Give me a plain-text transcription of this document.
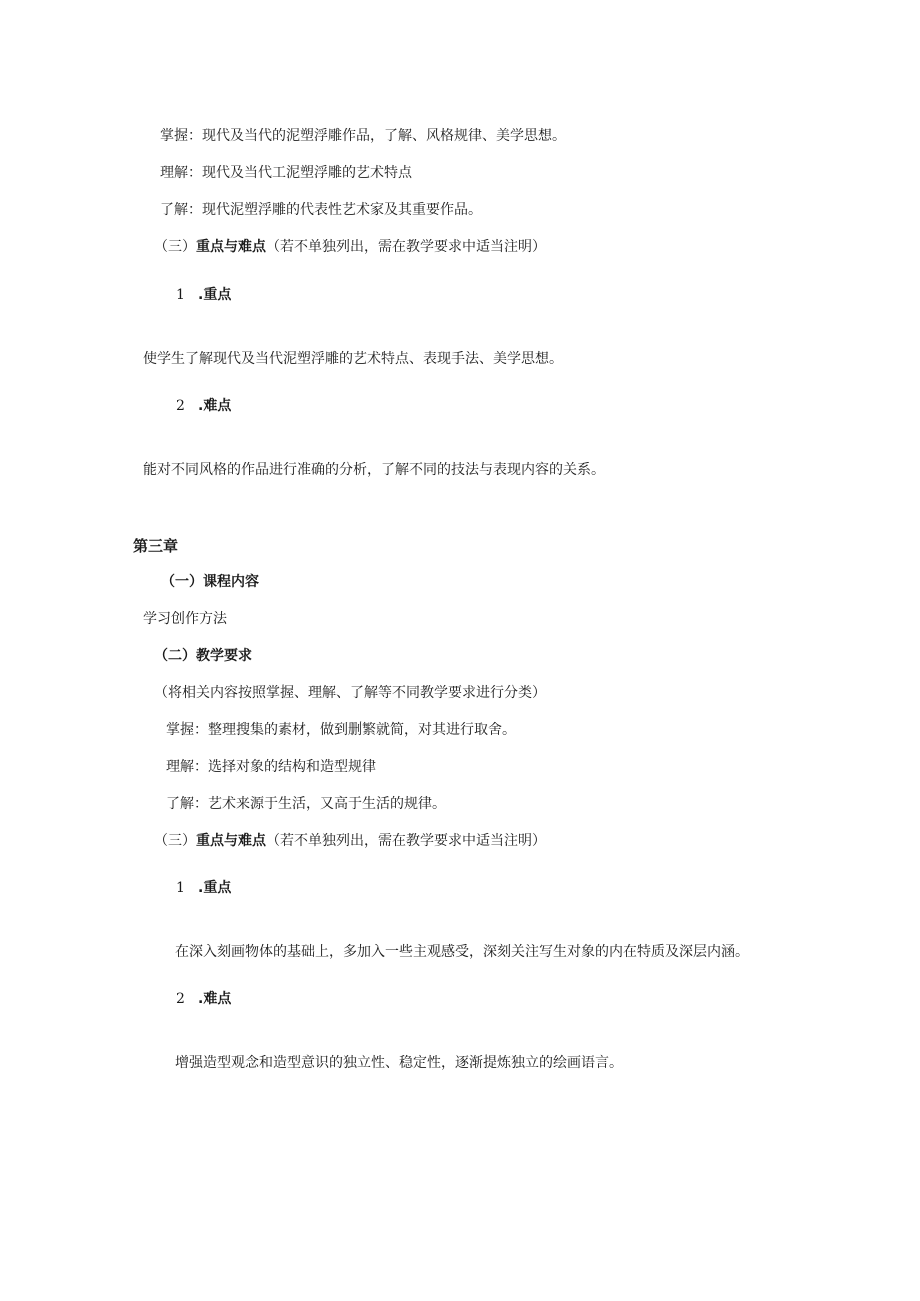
掌握：现代及当代的泥塑浮雕作品，了解、风格规律、美学思想。
理解：现代及当代工泥塑浮雕的艺术特点
了解：现代泥塑浮雕的代表性艺术家及其重要作品。
（三）重点与难点（若不单独列出，需在教学要求中适当注明）
1 .重点
使学生了解现代及当代泥塑浮雕的艺术特点、表现手法、美学思想。
2 .难点
能对不同风格的作品进行准确的分析，了解不同的技法与表现内容的关系。
第三章
（一）课程内容
学习创作方法
（二）教学要求
（将相关内容按照掌握、理解、了解等不同教学要求进行分类）
掌握：整理搜集的素材，做到删繁就简，对其进行取舍。
理解：选择对象的结构和造型规律
了解：艺术来源于生活，又高于生活的规律。
（三）重点与难点（若不单独列出，需在教学要求中适当注明）
1 .重点
在深入刻画物体的基础上，多加入一些主观感受，深刻关注写生对象的内在特质及深层内涵。
2 .难点
增强造型观念和造型意识的独立性、稳定性，逐渐提炼独立的绘画语言。
